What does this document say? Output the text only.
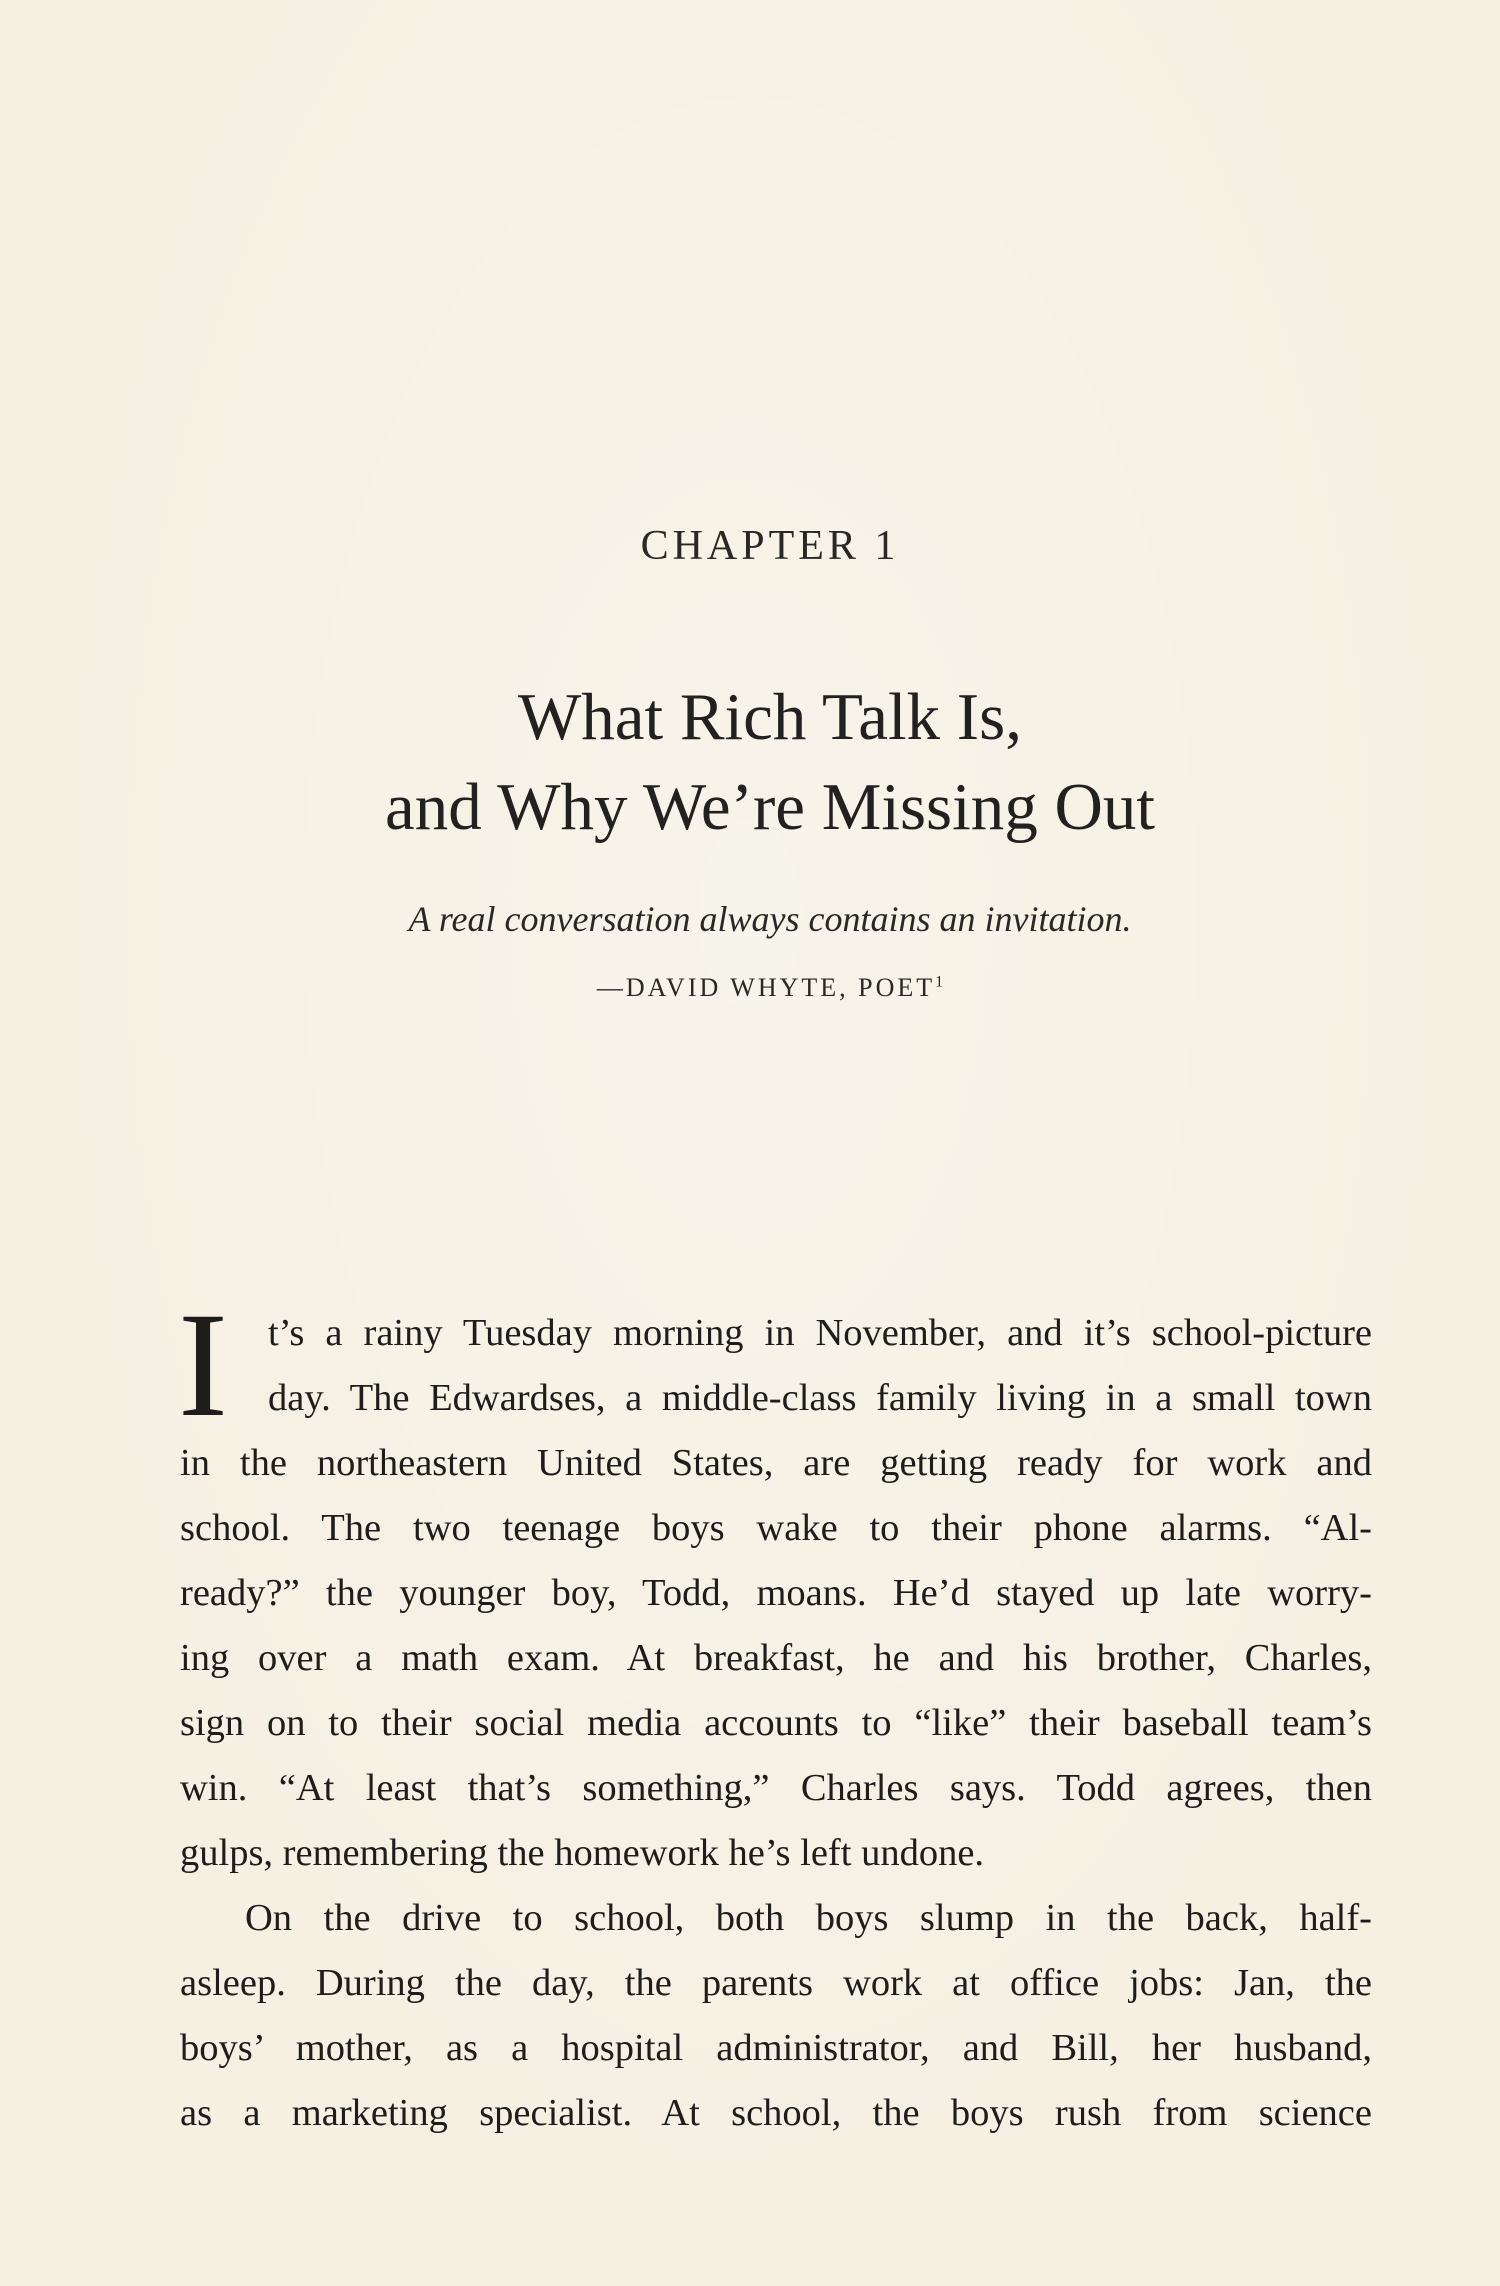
CHAPTER 1
What Rich Talk Is,
and Why We’re Missing Out
A real conversation always contains an invitation.
—DAVID WHYTE, POET$^1$
I	t’s a rainy Tuesday morning in November, and it’s school-picture
day. The Edwardses, a middle-class family living in a small town
in the northeastern United States, are getting ready for work and
school. The two teenage boys wake to their phone alarms. “Al-
ready?” the younger boy, Todd, moans. He’d stayed up late worry-
ing over a math exam. At breakfast, he and his brother, Charles,
sign on to their social media accounts to “like” their baseball team’s
win. “At least that’s something,” Charles says. Todd agrees, then
gulps, remembering the homework he’s left undone.
On the drive to school, both boys slump in the back, half-
asleep. During the day, the parents work at office jobs: Jan, the
boys’ mother, as a hospital administrator, and Bill, her husband,
as a marketing specialist. At school, the boys rush from science
